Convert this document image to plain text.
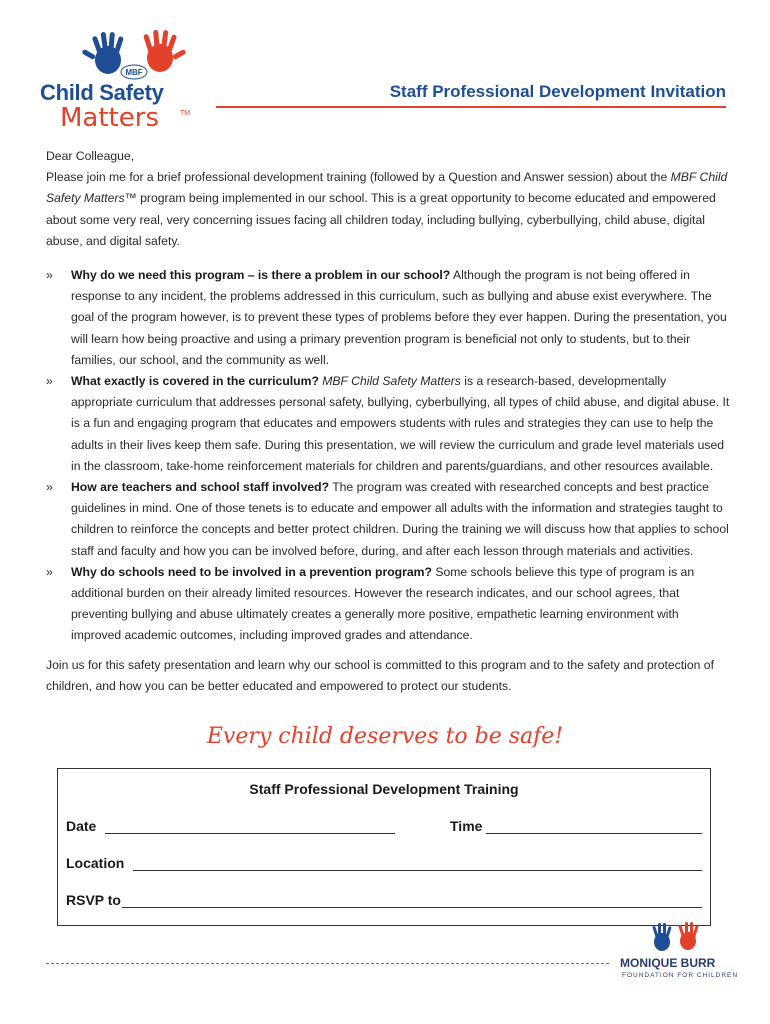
MBF
Child Safety
Matters	TM
Staff Professional Development Invitation

Dear Colleague,

Please join me for a brief professional development training (followed by a Question and Answer session) about the MBF Child Safety Matters™ program being implemented in our school. This is a great opportunity to become educated and empowered about some very real, very concerning issues facing all children today, including bullying, cyberbullying, child abuse, digital abuse, and digital safety.

» Why do we need this program – is there a problem in our school? Although the program is not being offered in response to any incident, the problems addressed in this curriculum, such as bullying and abuse exist everywhere. The goal of the program however, is to prevent these types of problems before they ever happen. During the presentation, you will learn how being proactive and using a primary prevention program is beneficial not only to students, but to their families, our school, and the community as well.
» What exactly is covered in the curriculum? MBF Child Safety Matters is a research-based, developmentally appropriate curriculum that addresses personal safety, bullying, cyberbullying, all types of child abuse, and digital abuse. It is a fun and engaging program that educates and empowers students with rules and strategies they can use to help the adults in their lives keep them safe. During this presentation, we will review the curriculum and grade level materials used in the classroom, take-home reinforcement materials for children and parents/guardians, and other resources available.
» How are teachers and school staff involved? The program was created with researched concepts and best practice guidelines in mind. One of those tenets is to educate and empower all adults with the information and strategies taught to children to reinforce the concepts and better protect children. During the training we will discuss how that applies to school staff and faculty and how you can be involved before, during, and after each lesson through materials and activities.
» Why do schools need to be involved in a prevention program? Some schools believe this type of program is an additional burden on their already limited resources. However the research indicates, and our school agrees, that preventing bullying and abuse ultimately creates a generally more positive, empathetic learning environment with improved academic outcomes, including improved grades and attendance.

Join us for this safety presentation and learn why our school is committed to this program and to the safety and protection of children, and how you can be better educated and empowered to protect our students.

Every child deserves to be safe!
Staff Professional Development Training
Date	Time
Location
RSVP to
MONIQUE BURR
FOUNDATION FOR CHILDREN
